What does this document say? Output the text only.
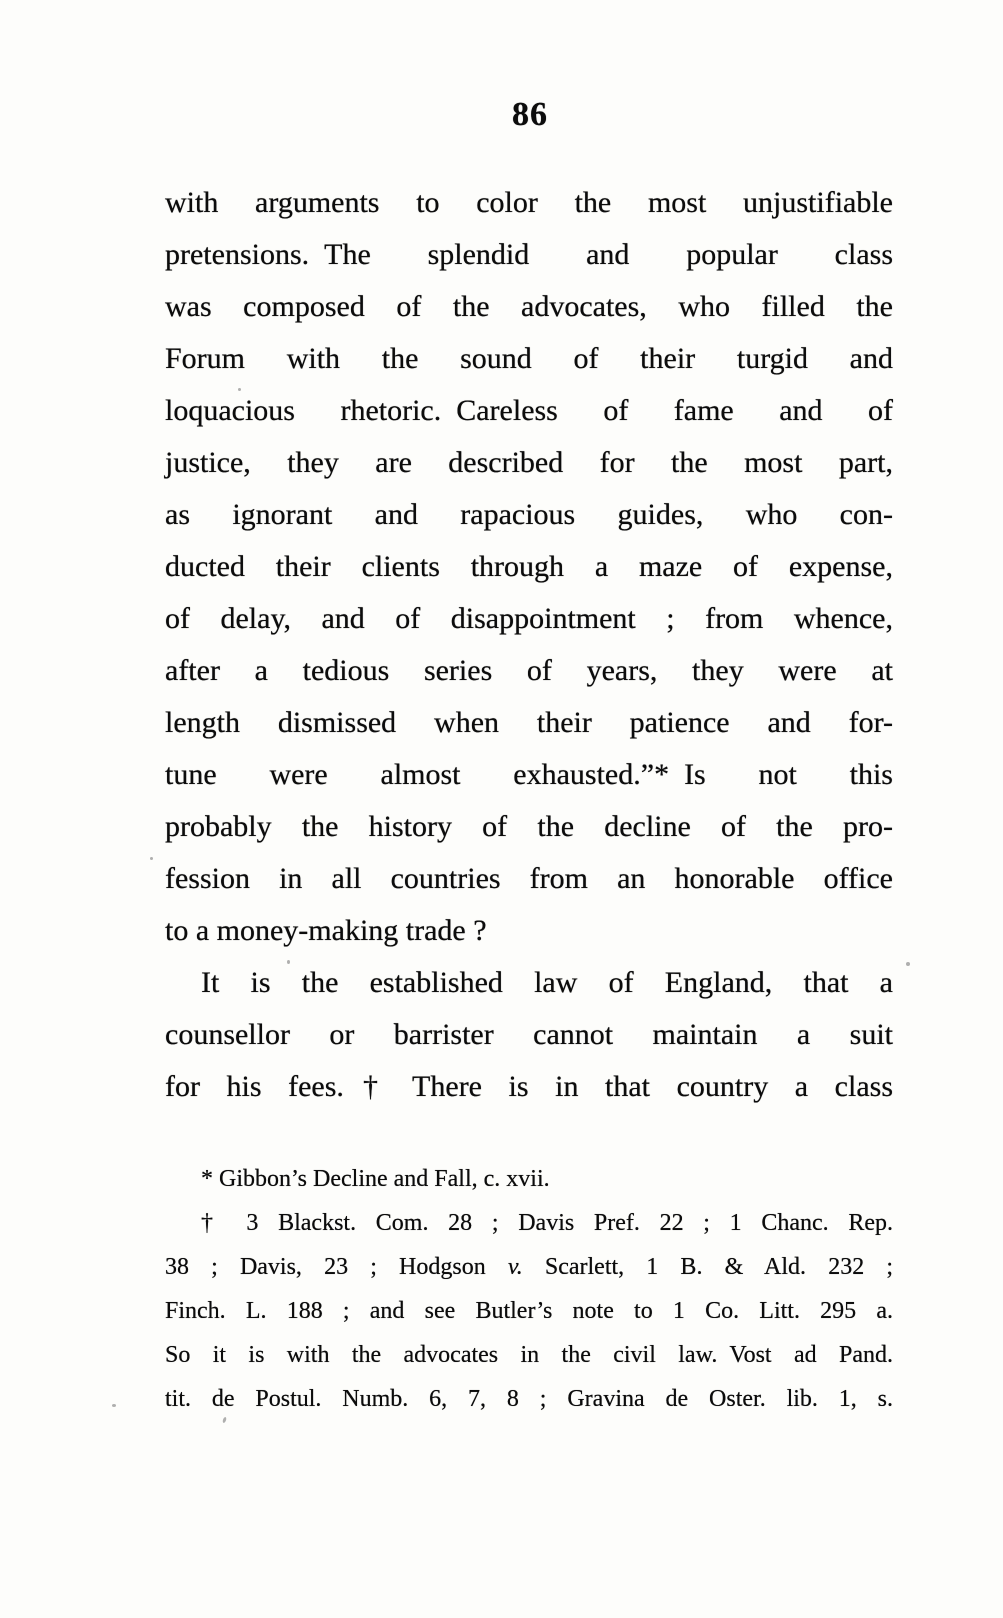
86
with arguments to color the most unjustifiable
pretensions. The splendid and popular class
was composed of the advocates, who filled the
Forum with the sound of their turgid and
loquacious rhetoric. Careless of fame and of
justice, they are described for the most part,
as ignorant and rapacious guides, who con-
ducted their clients through a maze of expense,
of delay, and of disappointment ; from whence,
after a tedious series of years, they were at
length dismissed when their patience and for-
tune were almost exhausted.”* Is not this
probably the history of the decline of the pro-
fession in all countries from an honorable office
to a money-making trade ?
It is the established law of England, that a
counsellor or barrister cannot maintain a suit
for his fees.† There is in that country a class
* Gibbon’s Decline and Fall, c. xvii.
† 3 Blackst. Com. 28 ; Davis Pref. 22 ; 1 Chanc. Rep.
38 ; Davis, 23 ; Hodgson v. Scarlett, 1 B. & Ald. 232 ;
Finch. L. 188 ; and see Butler’s note to 1 Co. Litt. 295 a.
So it is with the advocates in the civil law. Vost ad Pand.
tit. de Postul. Numb. 6, 7, 8 ; Gravina de Oster. lib. 1, s.
